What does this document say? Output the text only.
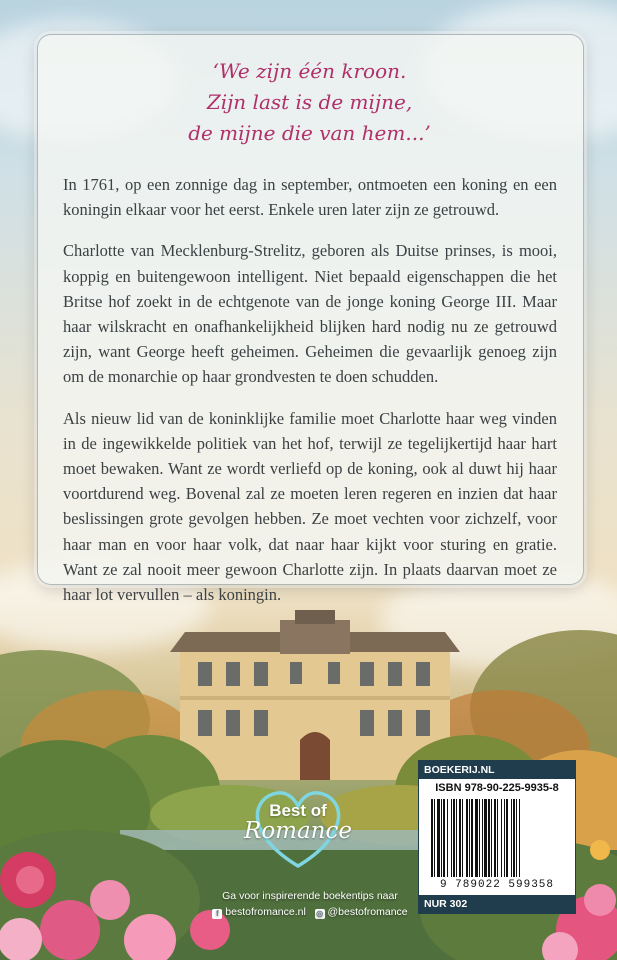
‘We zijn één kroon.
Zijn last is de mijne,
de mijne die van hem...’

In 1761, op een zonnige dag in september, ontmoeten een koning en een koningin elkaar voor het eerst. Enkele uren later zijn ze getrouwd.

Charlotte van Mecklenburg-Strelitz, geboren als Duitse prinses, is mooi, koppig en buitengewoon intelligent. Niet bepaald eigenschappen die het Britse hof zoekt in de echtgenote van de jonge koning George III. Maar haar wilskracht en onafhankelijkheid blijken hard nodig nu ze getrouwd zijn, want George heeft geheimen. Geheimen die gevaarlijk genoeg zijn om de monarchie op haar grondvesten te doen schudden.

Als nieuw lid van de koninklijke familie moet Charlotte haar weg vinden in de ingewikkelde politiek van het hof, terwijl ze tegelijkertijd haar hart moet bewaken. Want ze wordt verliefd op de koning, ook al duwt hij haar voortdurend weg. Bovenal zal ze moeten leren regeren en inzien dat haar beslissingen grote gevolgen hebben. Ze moet vechten voor zichzelf, voor haar man en voor haar volk, dat naar haar kijkt voor sturing en gratie. Want ze zal nooit meer gewoon Charlotte zijn. In plaats daarvan moet ze haar lot vervullen – als koningin.

Best of
Romance
Ga voor inspirerende boekentips naar
f bestofromance.nl ◎ @bestofromance
BOEKERIJ.NL
ISBN 978-90-225-9935-8
9 789022 599358
NUR 302
